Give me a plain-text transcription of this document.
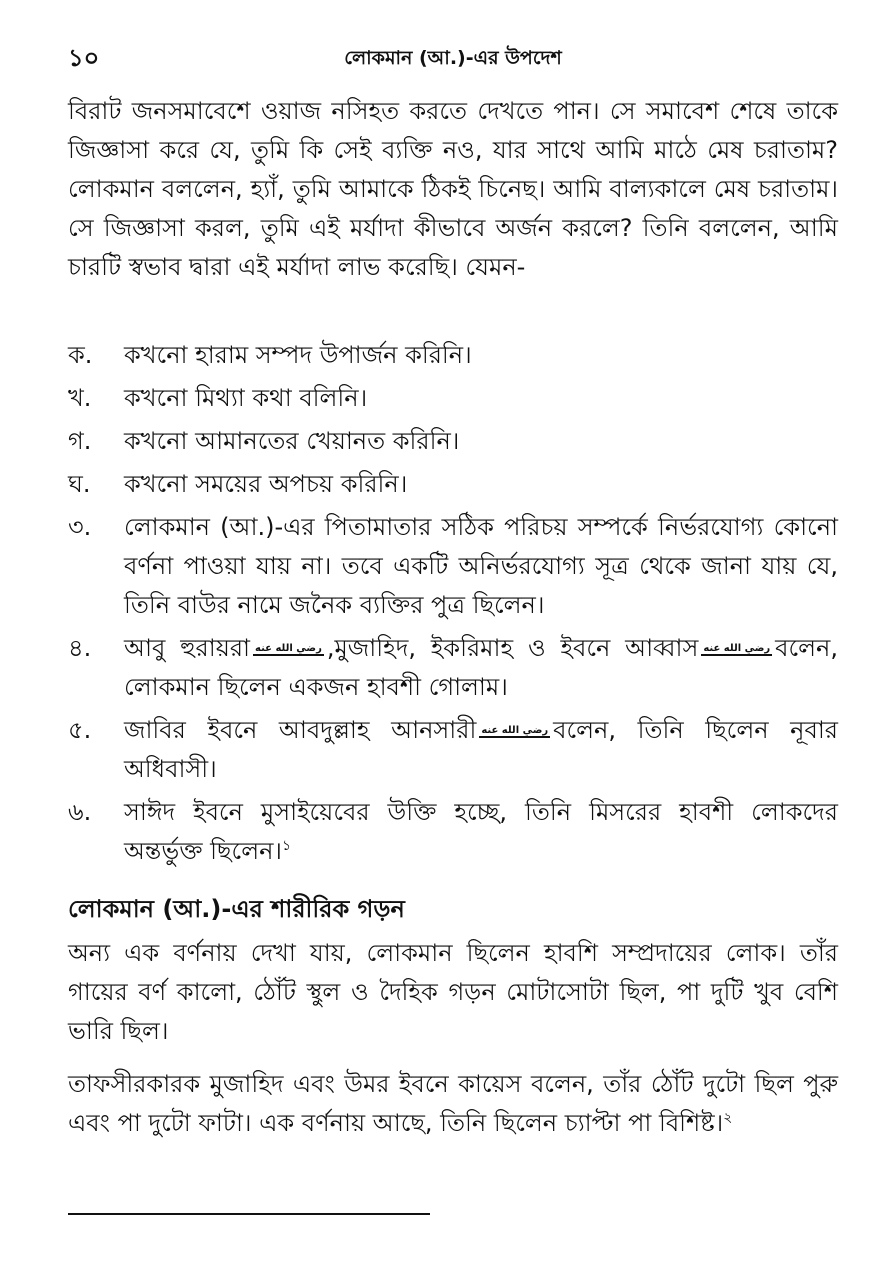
১০	লোকমান (আ.)-এর উপদেশ
বিরাট জনসমাবেশে ওয়াজ নসিহত করতে দেখতে পান। সে সমাবেশ শেষে তাকে জিজ্ঞাসা করে যে, তুমি কি সেই ব্যক্তি নও, যার সাথে আমি মাঠে মেষ চরাতাম? লোকমান বললেন, হ্যাঁ, তুমি আমাকে ঠিকই চিনেছ। আমি বাল্যকালে মেষ চরাতাম। সে জিজ্ঞাসা করল, তুমি এই মর্যাদা কীভাবে অর্জন করলে? তিনি বললেন, আমি চারটি স্বভাব দ্বারা এই মর্যাদা লাভ করেছি। যেমন-
ক.	কখনো হারাম সম্পদ উপার্জন করিনি।
খ.	কখনো মিথ্যা কথা বলিনি।
গ.	কখনো আমানতের খেয়ানত করিনি।
ঘ.	কখনো সময়ের অপচয় করিনি।
৩.	লোকমান (আ.)-এর পিতামাতার সঠিক পরিচয় সম্পর্কে নির্ভরযোগ্য কোনো বর্ণনা পাওয়া যায় না। তবে একটি অনির্ভরযোগ্য সূত্র থেকে জানা যায় যে, তিনি বাউর নামে জনৈক ব্যক্তির পুত্র ছিলেন।
৪.	আবু হুরায়রা رضي الله عنه ,মুজাহিদ, ইকরিমাহ ও ইবনে আব্বাস رضي الله عنه বলেন, লোকমান ছিলেন একজন হাবশী গোলাম।
৫.	জাবির ইবনে আবদুল্লাহ আনসারী رضي الله عنه বলেন, তিনি ছিলেন নূবার অধিবাসী।
৬.	সাঈদ ইবনে মুসাইয়েবের উক্তি হচ্ছে, তিনি মিসরের হাবশী লোকদের অন্তর্ভুক্ত ছিলেন।$^১$
লোকমান (আ.)-এর শারীরিক গড়ন
অন্য এক বর্ণনায় দেখা যায়, লোকমান ছিলেন হাবশি সম্প্রদায়ের লোক। তাঁর গায়ের বর্ণ কালো, ঠোঁট স্থুল ও দৈহিক গড়ন মোটাসোটা ছিল, পা দুটি খুব বেশি ভারি ছিল।
তাফসীরকারক মুজাহিদ এবং উমর ইবনে কায়েস বলেন, তাঁর ঠোঁট দুটো ছিল পুরু এবং পা দুটো ফাটা। এক বর্ণনায় আছে, তিনি ছিলেন চ্যাপ্টা পা বিশিষ্ট।$^২$
